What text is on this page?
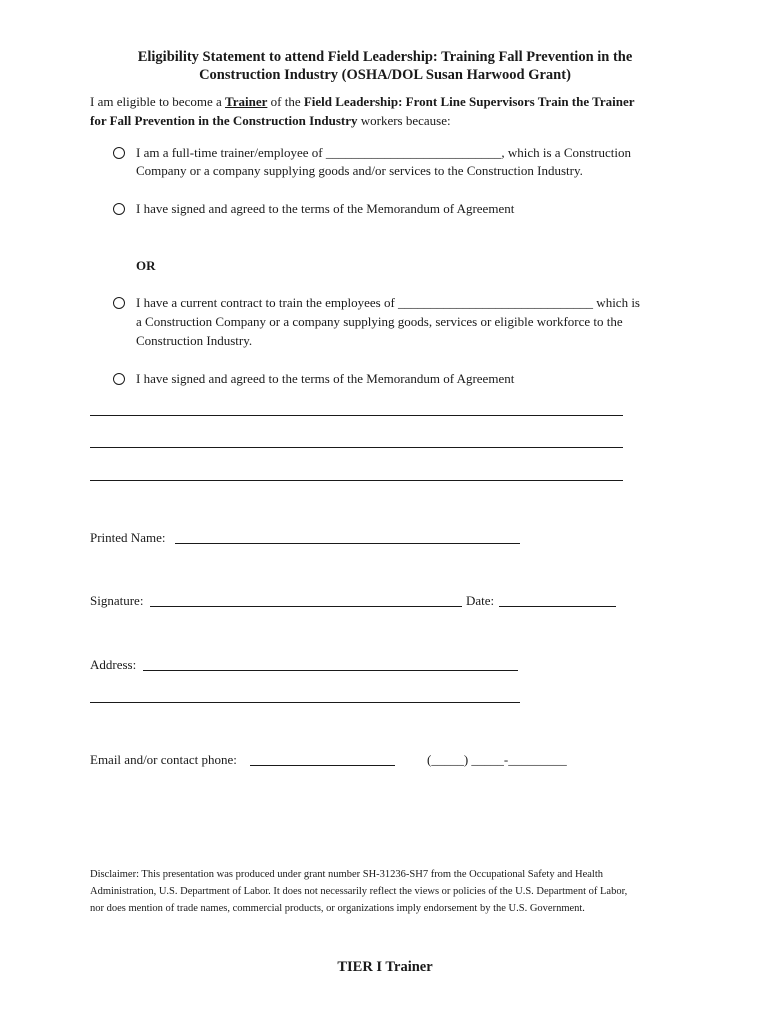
Eligibility Statement to attend Field Leadership: Training Fall Prevention in the
Construction Industry (OSHA/DOL Susan Harwood Grant)
I am eligible to become a Trainer of the Field Leadership: Front Line Supervisors Train the Trainer
for Fall Prevention in the Construction Industry workers because:
I am a full-time trainer/employee of ___________________________, which is a Construction
Company or a company supplying goods and/or services to the Construction Industry.
I have signed and agreed to the terms of the Memorandum of Agreement
OR
I have a current contract to train the employees of ______________________________ which is
a Construction Company or a company supplying goods, services or eligible workforce to the
Construction Industry.
I have signed and agreed to the terms of the Memorandum of Agreement
Printed Name:
Signature:	Date:
Address:
Email and/or contact phone:	(_____) _____-_________
Disclaimer: This presentation was produced under grant number SH-31236-SH7 from the Occupational Safety and Health
Administration, U.S. Department of Labor. It does not necessarily reflect the views or policies of the U.S. Department of Labor,
nor does mention of trade names, commercial products, or organizations imply endorsement by the U.S. Government.
TIER I Trainer
